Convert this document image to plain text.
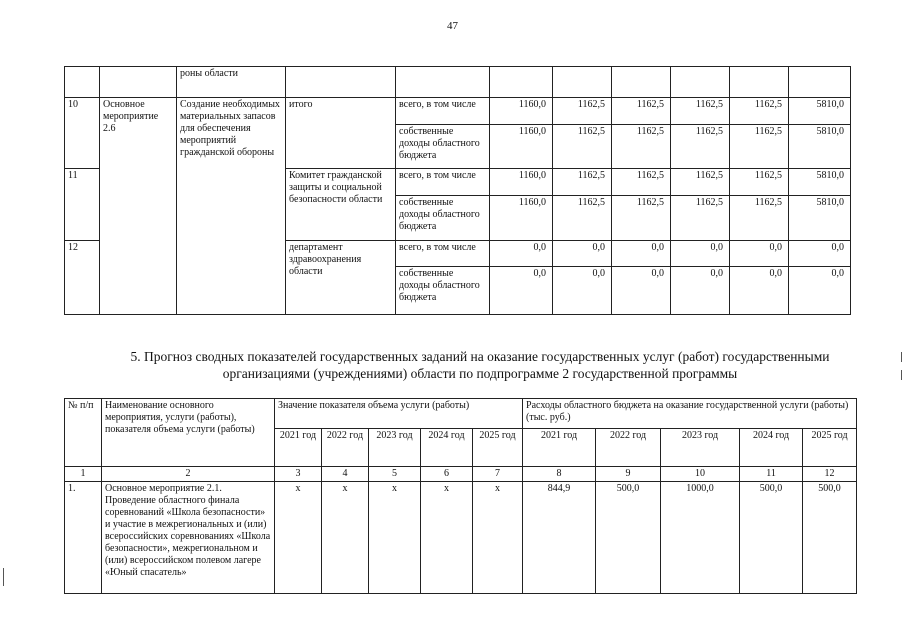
47
		роны области								
10	Основное мероприятие 2.6	Создание необходимых материальных запасов для обеспечения мероприятий гражданской обороны	итого	всего, в том числе	1160,0	1162,5	1162,5	1162,5	1162,5	5810,0
				собственные доходы областного бюджета	1160,0	1162,5	1162,5	1162,5	1162,5	5810,0
11			Комитет гражданской защиты и социальной безопасности области	всего, в том числе	1160,0	1162,5	1162,5	1162,5	1162,5	5810,0
				собственные доходы областного бюджета	1160,0	1162,5	1162,5	1162,5	1162,5	5810,0
12			департамент здравоохранения области	всего, в том числе	0,0	0,0	0,0	0,0	0,0	0,0
				собственные доходы областного бюджета	0,0	0,0	0,0	0,0	0,0	0,0
5. Прогноз сводных показателей государственных заданий на оказание государственных услуг (работ) государственными организациями (учреждениями) области по подпрограмме 2 государственной программы
№ п/п	Наименование основного мероприятия, услуги (работы), показателя объема услуги (работы)	Значение показателя объема услуги (работы)					Расходы областного бюджета на оказание государственной услуги (работы) (тыс. руб.)				
		2021 год	2022 год	2023 год	2024 год	2025 год	2021 год	2022 год	2023 год	2024 год	2025 год
1	2	3	4	5	6	7	8	9	10	11	12
1.	Основное мероприятие 2.1. Проведение областного финала соревнований «Школа безопасности» и участие в межрегиональных и (или) всероссийских соревнованиях «Школа безопасности», межрегиональном и (или) всероссийском полевом лагере «Юный спасатель»	х	х	х	х	х	844,9	500,0	1000,0	500,0	500,0
